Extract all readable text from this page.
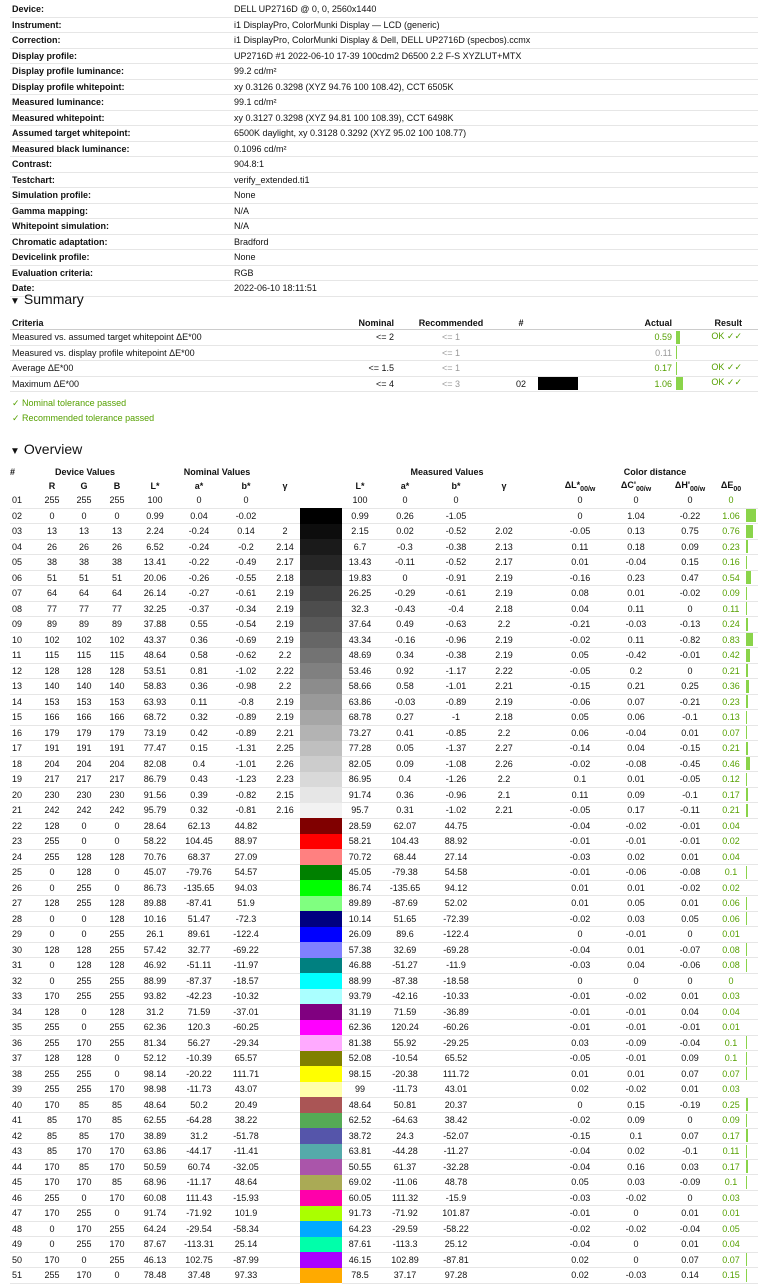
Device:	DELL UP2716D @ 0, 0, 2560x1440
Instrument:	i1 DisplayPro, ColorMunki Display — LCD (generic)
Correction:	i1 DisplayPro, ColorMunki Display & Dell, DELL UP2716D (specbos).ccmx
Display profile:	UP2716D #1 2022-06-10 17-39 100cdm2 D6500 2.2 F-S XYZLUT+MTX
Display profile luminance:	99.2 cd/m²
Display profile whitepoint:	xy 0.3126 0.3298 (XYZ 94.76 100 108.42), CCT 6505K
Measured luminance:	99.1 cd/m²
Measured whitepoint:	xy 0.3127 0.3298 (XYZ 94.81 100 108.39), CCT 6498K
Assumed target whitepoint:	6500K daylight, xy 0.3128 0.3292 (XYZ 95.02 100 108.77)
Measured black luminance:	0.1096 cd/m²
Contrast:	904.8:1
Testchart:	verify_extended.ti1
Simulation profile:	None
Gamma mapping:	N/A
Whitepoint simulation:	N/A
Chromatic adaptation:	Bradford
Devicelink profile:	None
Evaluation criteria:	RGB
Date:	2022-06-10 18:11:51
▼ Summary
Criteria	Nominal	Recommended	#		Actual	Result
Measured vs. assumed target whitepoint ΔE*00	<= 2	<= 1			0.59	OK ✓✓
Measured vs. display profile whitepoint ΔE*00		<= 1			0.11	

Average ΔE*00	<= 1.5	<= 1			0.17	OK ✓✓
Maximum ΔE*00	<= 4	<= 3	02		1.06	OK ✓✓
✓ Nominal tolerance passed
✓ Recommended tolerance passed
▼ Overview
#	Device Values			Nominal Values					Measured Values					Color distance				
	R	G	B	L*	a*	b*	γ		L*	a*	b*	γ		$\Delta L*_{00/w}$	$\Delta C'_{00/w}$	$\Delta H'_{00/w}$	$\Delta E_{00}$	
01	255	255	255	100	0	0			100	0	0			0	0	0	0	

02	0	0	0	0.99	0.04	-0.02			0.99	0.26	-1.05			0	1.04	-0.22	1.06	

03	13	13	13	2.24	-0.24	0.14	2		2.15	0.02	-0.52	2.02		-0.05	0.13	0.75	0.76	

04	26	26	26	6.52	-0.24	-0.2	2.14		6.7	-0.3	-0.38	2.13		0.11	0.18	0.09	0.23	

05	38	38	38	13.41	-0.22	-0.49	2.17		13.43	-0.11	-0.52	2.17		0.01	-0.04	0.15	0.16	

06	51	51	51	20.06	-0.26	-0.55	2.18		19.83	0	-0.91	2.19		-0.16	0.23	0.47	0.54	

07	64	64	64	26.14	-0.27	-0.61	2.19		26.25	-0.29	-0.61	2.19		0.08	0.01	-0.02	0.09	

08	77	77	77	32.25	-0.37	-0.34	2.19		32.3	-0.43	-0.4	2.18		0.04	0.11	0	0.11	

09	89	89	89	37.88	0.55	-0.54	2.19		37.64	0.49	-0.63	2.2		-0.21	-0.03	-0.13	0.24	

10	102	102	102	43.37	0.36	-0.69	2.19		43.34	-0.16	-0.96	2.19		-0.02	0.11	-0.82	0.83	

11	115	115	115	48.64	0.58	-0.62	2.2		48.69	0.34	-0.38	2.19		0.05	-0.42	-0.01	0.42	

12	128	128	128	53.51	0.81	-1.02	2.22		53.46	0.92	-1.17	2.22		-0.05	0.2	0	0.21	

13	140	140	140	58.83	0.36	-0.98	2.2		58.66	0.58	-1.01	2.21		-0.15	0.21	0.25	0.36	

14	153	153	153	63.93	0.11	-0.8	2.19		63.86	-0.03	-0.89	2.19		-0.06	0.07	-0.21	0.23	

15	166	166	166	68.72	0.32	-0.89	2.19		68.78	0.27	-1	2.18		0.05	0.06	-0.1	0.13	

16	179	179	179	73.19	0.42	-0.89	2.21		73.27	0.41	-0.85	2.2		0.06	-0.04	0.01	0.07	

17	191	191	191	77.47	0.15	-1.31	2.25		77.28	0.05	-1.37	2.27		-0.14	0.04	-0.15	0.21	

18	204	204	204	82.08	0.4	-1.01	2.26		82.05	0.09	-1.08	2.26		-0.02	-0.08	-0.45	0.46	

19	217	217	217	86.79	0.43	-1.23	2.23		86.95	0.4	-1.26	2.2		0.1	0.01	-0.05	0.12	

20	230	230	230	91.56	0.39	-0.82	2.15		91.74	0.36	-0.96	2.1		0.11	0.09	-0.1	0.17	

21	242	242	242	95.79	0.32	-0.81	2.16		95.7	0.31	-1.02	2.21		-0.05	0.17	-0.11	0.21	

22	128	0	0	28.64	62.13	44.82			28.59	62.07	44.75			-0.04	-0.02	-0.01	0.04	

23	255	0	0	58.22	104.45	88.97			58.21	104.43	88.92			-0.01	-0.01	-0.01	0.02	

24	255	128	128	70.76	68.37	27.09			70.72	68.44	27.14			-0.03	0.02	0.01	0.04	

25	0	128	0	45.07	-79.76	54.57			45.05	-79.38	54.58			-0.01	-0.06	-0.08	0.1	

26	0	255	0	86.73	-135.65	94.03			86.74	-135.65	94.12			0.01	0.01	-0.02	0.02	

27	128	255	128	89.88	-87.41	51.9			89.89	-87.69	52.02			0.01	0.05	0.01	0.06	

28	0	0	128	10.16	51.47	-72.3			10.14	51.65	-72.39			-0.02	0.03	0.05	0.06	

29	0	0	255	26.1	89.61	-122.4			26.09	89.6	-122.4			0	-0.01	0	0.01	

30	128	128	255	57.42	32.77	-69.22			57.38	32.69	-69.28			-0.04	0.01	-0.07	0.08	

31	0	128	128	46.92	-51.11	-11.97			46.88	-51.27	-11.9			-0.03	0.04	-0.06	0.08	

32	0	255	255	88.99	-87.37	-18.57			88.99	-87.38	-18.58			0	0	0	0	

33	170	255	255	93.82	-42.23	-10.32			93.79	-42.16	-10.33			-0.01	-0.02	0.01	0.03	

34	128	0	128	31.2	71.59	-37.01			31.19	71.59	-36.89			-0.01	-0.01	0.04	0.04	

35	255	0	255	62.36	120.3	-60.25			62.36	120.24	-60.26			-0.01	-0.01	-0.01	0.01	

36	255	170	255	81.34	56.27	-29.34			81.38	55.92	-29.25			0.03	-0.09	-0.04	0.1	

37	128	128	0	52.12	-10.39	65.57			52.08	-10.54	65.52			-0.05	-0.01	0.09	0.1	

38	255	255	0	98.14	-20.22	111.71			98.15	-20.38	111.72			0.01	0.01	0.07	0.07	

39	255	255	170	98.98	-11.73	43.07			99	-11.73	43.01			0.02	-0.02	0.01	0.03	

40	170	85	85	48.64	50.2	20.49			48.64	50.81	20.37			0	0.15	-0.19	0.25	

41	85	170	85	62.55	-64.28	38.22			62.52	-64.63	38.42			-0.02	0.09	0	0.09	

42	85	85	170	38.89	31.2	-51.78			38.72	24.3	-52.07			-0.15	0.1	0.07	0.17	

43	85	170	170	63.86	-44.17	-11.41			63.81	-44.28	-11.27			-0.04	0.02	-0.1	0.11	

44	170	85	170	50.59	60.74	-32.05			50.55	61.37	-32.28			-0.04	0.16	0.03	0.17	

45	170	170	85	68.96	-11.17	48.64			69.02	-11.06	48.78			0.05	0.03	-0.09	0.1	

46	255	0	170	60.08	111.43	-15.93			60.05	111.32	-15.9			-0.03	-0.02	0	0.03	

47	170	255	0	91.74	-71.92	101.9			91.73	-71.92	101.87			-0.01	0	0.01	0.01	

48	0	170	255	64.24	-29.54	-58.34			64.23	-29.59	-58.22			-0.02	-0.02	-0.04	0.05	

49	0	255	170	87.67	-113.31	25.14			87.61	-113.3	25.12			-0.04	0	0.01	0.04	

50	170	0	255	46.13	102.75	-87.99			46.15	102.89	-87.81			0.02	0	0.07	0.07	

51	255	170	0	78.48	37.48	97.33			78.5	37.17	97.28			0.02	-0.03	0.14	0.15	
